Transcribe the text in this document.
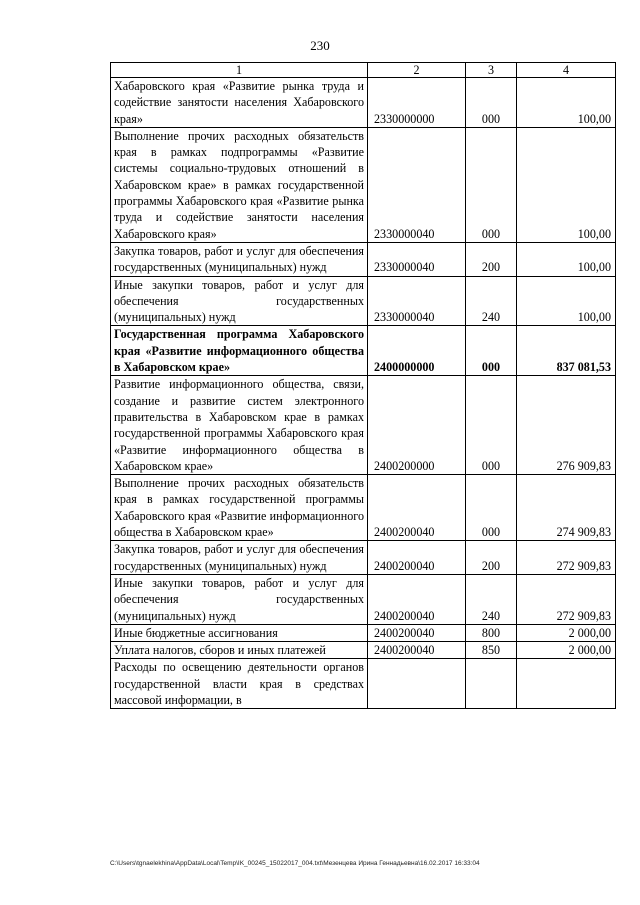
230
1	2	3	4
Хабаровского края «Развитие рынка труда и содействие занятости населения Хабаровского края»	2330000000	000	100,00
Выполнение прочих расходных обязательств края в рамках подпрограммы «Развитие системы социально-трудовых отношений в Хабаровском крае» в рамках государственной программы Хабаровского края «Развитие рынка труда и содействие занятости населения Хабаровского края»	2330000040	000	100,00
Закупка товаров, работ и услуг для обеспечения государственных (муниципальных) нужд	2330000040	200	100,00
Иные закупки товаров, работ и услуг для обеспечения государственных (муниципальных) нужд	2330000040	240	100,00
Государственная программа Хабаровского края «Развитие информационного общества в Хабаровском крае»	2400000000	000	837 081,53
Развитие информационного общества, связи, создание и развитие систем электронного правительства в Хабаровском крае в рамках государственной программы Хабаровского края «Развитие информационного общества в Хабаровском крае»	2400200000	000	276 909,83
Выполнение прочих расходных обязательств края в рамках государственной программы Хабаровского края «Развитие информационного общества в Хабаровском крае»	2400200040	000	274 909,83
Закупка товаров, работ и услуг для обеспечения государственных (муниципальных) нужд	2400200040	200	272 909,83
Иные закупки товаров, работ и услуг для обеспечения государственных (муниципальных) нужд	2400200040	240	272 909,83
Иные бюджетные ассигнования	2400200040	800	2 000,00
Уплата налогов, сборов и иных платежей	2400200040	850	2 000,00
Расходы по освещению деятельности органов государственной власти края в средствах массовой информации, в			
C:\Users\tgnaelekhina\AppData\Local\Temp\IK_00245_15022017_004.txt\Мезенцева Ирина Геннадьевна\16.02.2017 16:33:04
